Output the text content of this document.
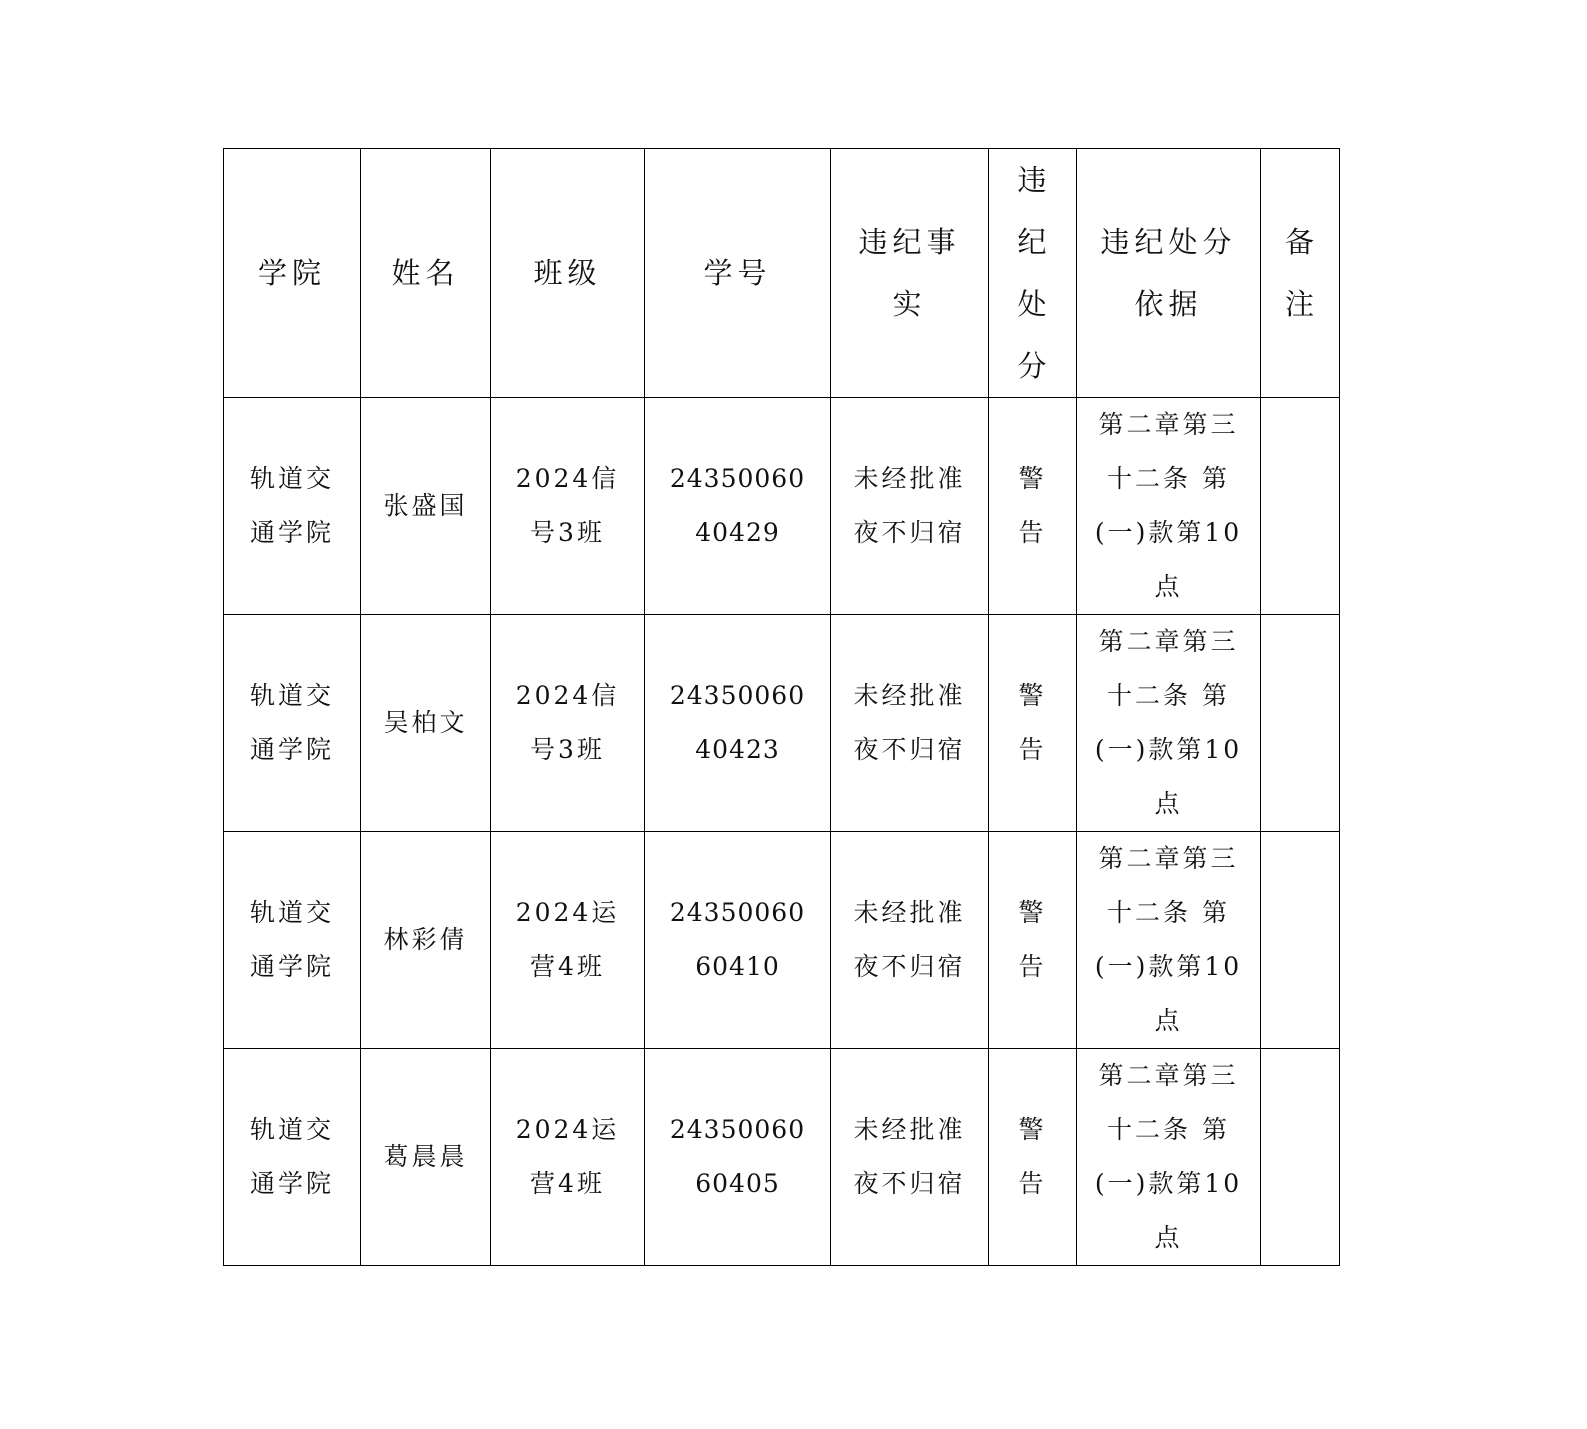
学院	姓名	班级	学号	违纪事实	违纪处分	违纪处分依据	备注
轨道交通学院	张盛国	2024信号3班	2435006040429	未经批准夜不归宿	警告	第二章第三十二条 第(一)款第10点	
轨道交通学院	吴柏文	2024信号3班	2435006040423	未经批准夜不归宿	警告	第二章第三十二条 第(一)款第10点	
轨道交通学院	林彩倩	2024运营4班	2435006060410	未经批准夜不归宿	警告	第二章第三十二条 第(一)款第10点	
轨道交通学院	葛晨晨	2024运营4班	2435006060405	未经批准夜不归宿	警告	第二章第三十二条 第(一)款第10点	
